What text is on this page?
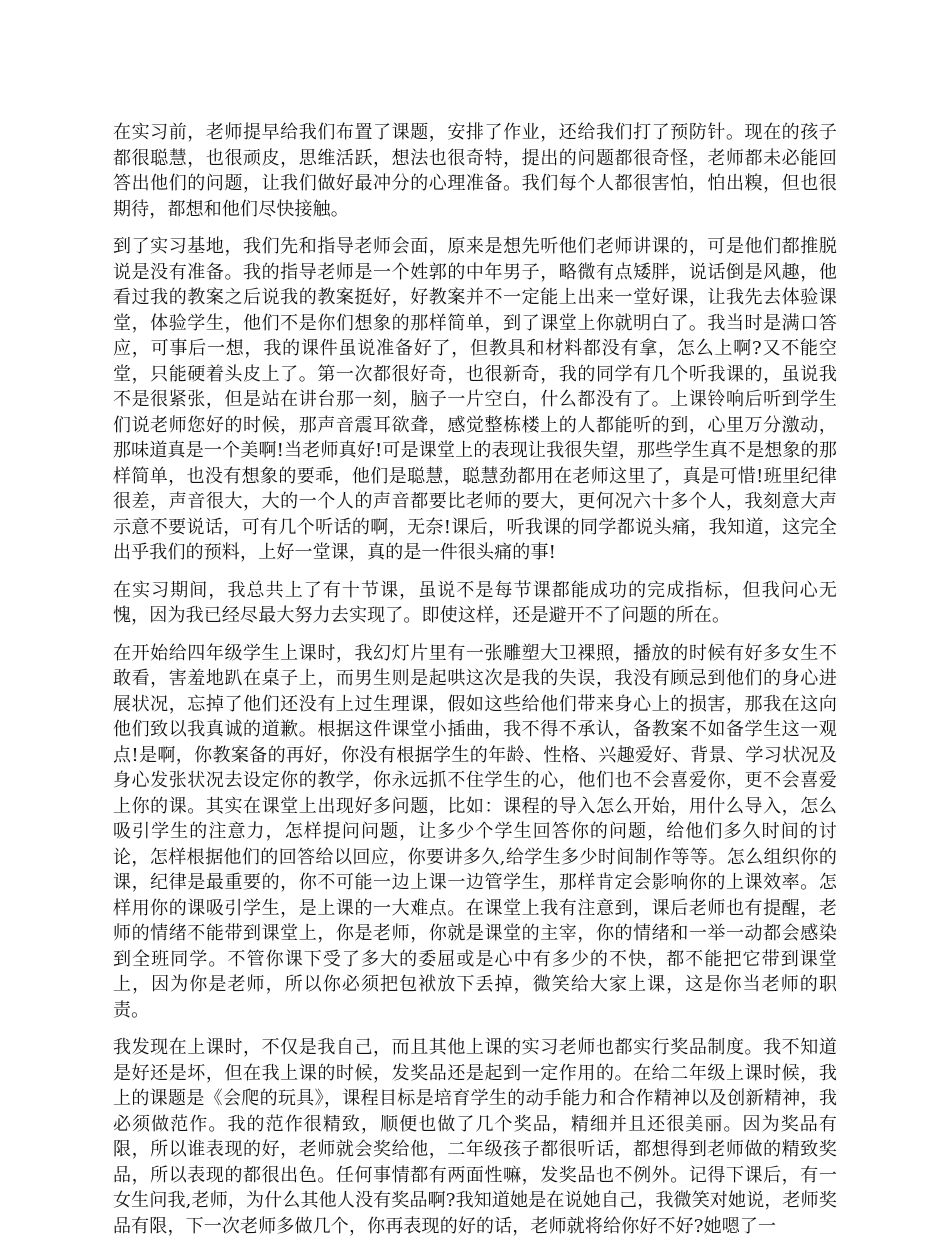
在实习前，老师提早给我们布置了课题，安排了作业，还给我们打了预防针。现在的孩子都很聪慧，也很顽皮，思维活跃，想法也很奇特，提出的问题都很奇怪，老师都未必能回答出他们的问题，让我们做好最冲分的心理准备。我们每个人都很害怕，怕出糗，但也很期待，都想和他们尽快接触。

到了实习基地，我们先和指导老师会面，原来是想先听他们老师讲课的，可是他们都推脱说是没有准备。我的指导老师是一个姓郭的中年男子，略微有点矮胖，说话倒是风趣，他看过我的教案之后说我的教案挺好，好教案并不一定能上出来一堂好课，让我先去体验课堂，体验学生，他们不是你们想象的那样简单，到了课堂上你就明白了。我当时是满口答应，可事后一想，我的课件虽说准备好了，但教具和材料都没有拿，怎么上啊?又不能空堂，只能硬着头皮上了。第一次都很好奇，也很新奇，我的同学有几个听我课的，虽说我不是很紧张，但是站在讲台那一刻，脑子一片空白，什么都没有了。上课铃响后听到学生们说老师您好的时候，那声音震耳欲聋，感觉整栋楼上的人都能听的到，心里万分激动，那味道真是一个美啊!当老师真好!可是课堂上的表现让我很失望，那些学生真不是想象的那样简单，也没有想象的要乖，他们是聪慧，聪慧劲都用在老师这里了，真是可惜!班里纪律很差，声音很大，大的一个人的声音都要比老师的要大，更何况六十多个人，我刻意大声示意不要说话，可有几个听话的啊，无奈!课后，听我课的同学都说头痛，我知道，这完全出乎我们的预料，上好一堂课，真的是一件很头痛的事!

在实习期间，我总共上了有十节课，虽说不是每节课都能成功的完成指标，但我问心无愧，因为我已经尽最大努力去实现了。即使这样，还是避开不了问题的所在。

在开始给四年级学生上课时，我幻灯片里有一张雕塑大卫裸照，播放的时候有好多女生不敢看，害羞地趴在桌子上，而男生则是起哄这次是我的失误，我没有顾忌到他们的身心进展状况，忘掉了他们还没有上过生理课，假如这些给他们带来身心上的损害，那我在这向他们致以我真诚的道歉。根据这件课堂小插曲，我不得不承认，备教案不如备学生这一观点!是啊，你教案备的再好，你没有根据学生的年龄、性格、兴趣爱好、背景、学习状况及身心发张状况去设定你的教学，你永远抓不住学生的心，他们也不会喜爱你，更不会喜爱上你的课。其实在课堂上出现好多问题，比如：课程的导入怎么开始，用什么导入，怎么吸引学生的注意力，怎样提问问题，让多少个学生回答你的问题，给他们多久时间的讨论，怎样根据他们的回答给以回应，你要讲多久,给学生多少时间制作等等。怎么组织你的课，纪律是最重要的，你不可能一边上课一边管学生，那样肯定会影响你的上课效率。怎样用你的课吸引学生，是上课的一大难点。在课堂上我有注意到，课后老师也有提醒，老师的情绪不能带到课堂上，你是老师，你就是课堂的主宰，你的情绪和一举一动都会感染到全班同学。不管你课下受了多大的委屈或是心中有多少的不快，都不能把它带到课堂上，因为你是老师，所以你必须把包袱放下丢掉，微笑给大家上课，这是你当老师的职责。

我发现在上课时，不仅是我自己，而且其他上课的实习老师也都实行奖品制度。我不知道是好还是坏，但在我上课的时候，发奖品还是起到一定作用的。在给二年级上课时候，我上的课题是《会爬的玩具》，课程目标是培育学生的动手能力和合作精神以及创新精神，我必须做范作。我的范作很精致，顺便也做了几个奖品，精细并且还很美丽。因为奖品有限，所以谁表现的好，老师就会奖给他，二年级孩子都很听话，都想得到老师做的精致奖品，所以表现的都很出色。任何事情都有两面性嘛，发奖品也不例外。记得下课后，有一女生问我,老师，为什么其他人没有奖品啊?我知道她是在说她自己，我微笑对她说，老师奖品有限，下一次老师多做几个，你再表现的好的话，老师就将给你好不好?她嗯了一
